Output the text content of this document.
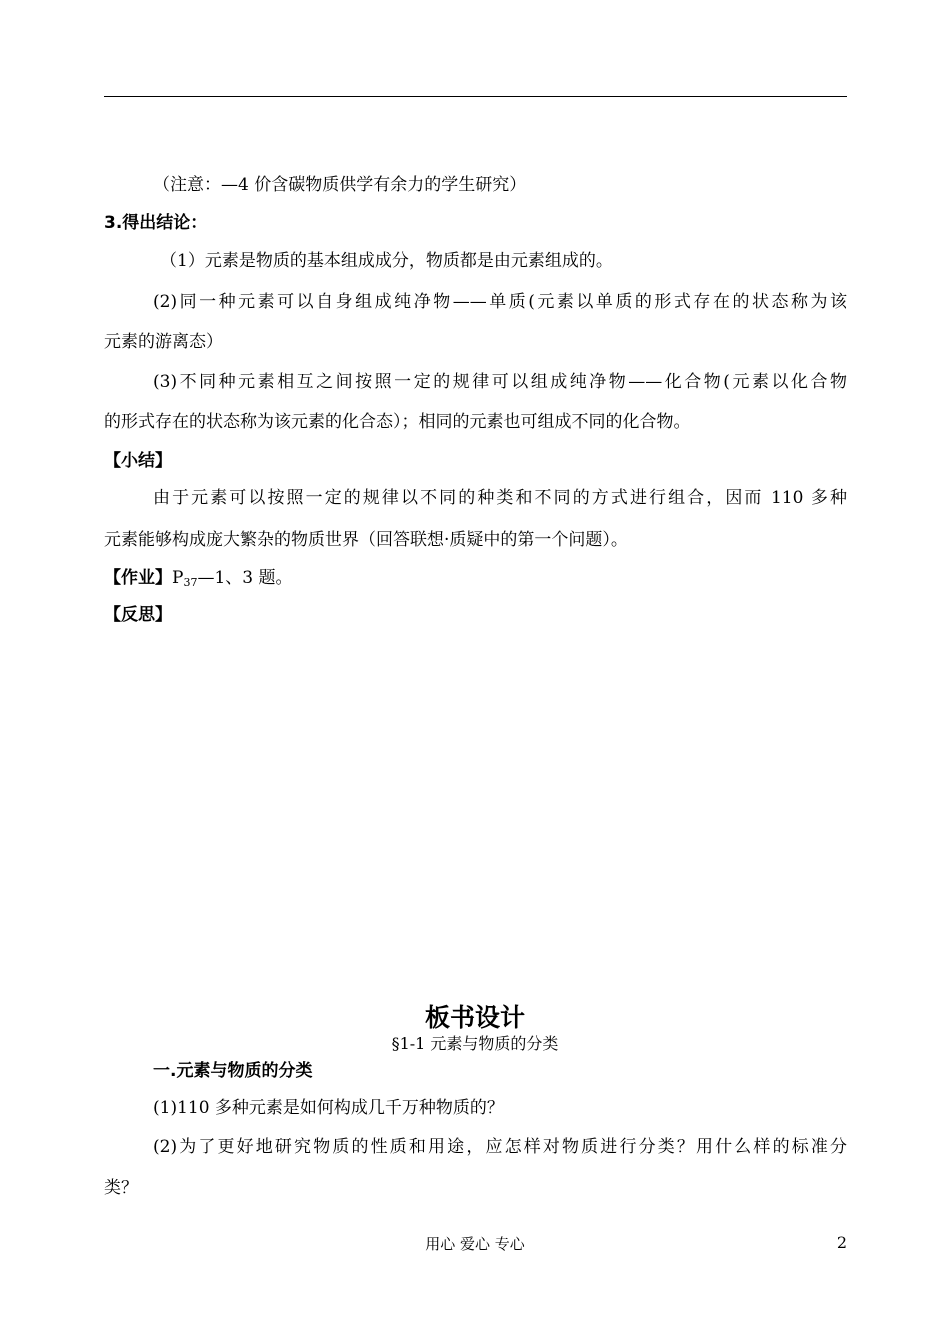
（注意：—4 价含碳物质供学有余力的学生研究）
3.得出结论：
（1）元素是物质的基本组成成分，物质都是由元素组成的。
(2)同一种元素可以自身组成纯净物——单质(元素以单质的形式存在的状态称为该
元素的游离态）
(3)不同种元素相互之间按照一定的规律可以组成纯净物——化合物(元素以化合物
的形式存在的状态称为该元素的化合态）；相同的元素也可组成不同的化合物。
【小结】
由于元素可以按照一定的规律以不同的种类和不同的方式进行组合，因而 110 多种
元素能够构成庞大繁杂的物质世界（回答联想·质疑中的第一个问题）。
【作业】$P_{37}—1$、3 题。
【反思】
板书设计
§1-1 元素与物质的分类
一.元素与物质的分类
(1)110 多种元素是如何构成几千万种物质的？
(2)为了更好地研究物质的性质和用途，应怎样对物质进行分类？用什么样的标准分
类？
用心 爱心 专心	2
